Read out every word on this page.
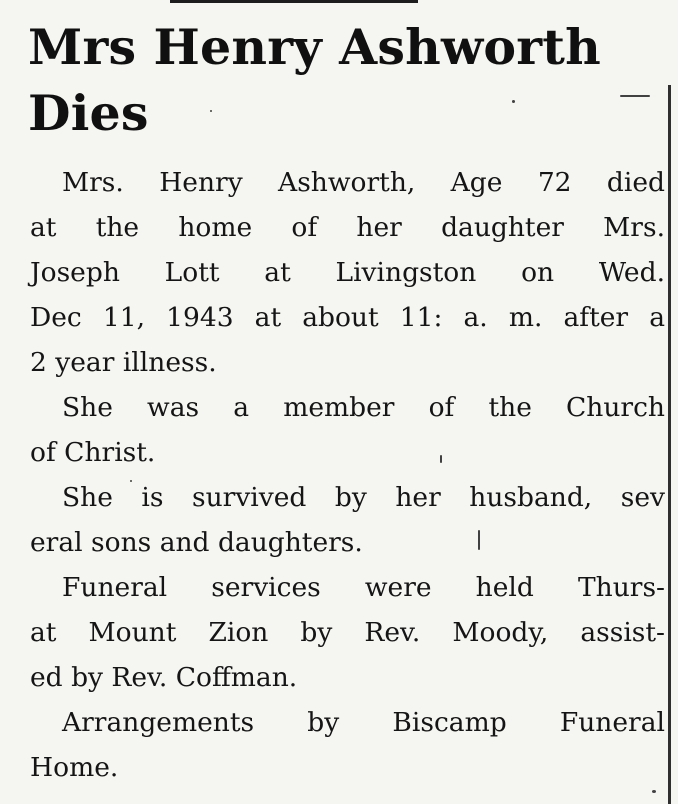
Mrs Henry Ashworth
Dies

Mrs. Henry Ashworth, Age 72 died
at the home of her daughter Mrs.
Joseph Lott at Livingston on Wed.
Dec 11, 1943 at about 11: a. m. after a
2 year illness.

She was a member of the Church
of Christ.

She is survived by her husband, sev
eral sons and daughters.

Funeral services were held Thurs-
at Mount Zion by Rev. Moody, assist-
ed by Rev. Coffman.

Arrangements by Biscamp Funeral
Home.
